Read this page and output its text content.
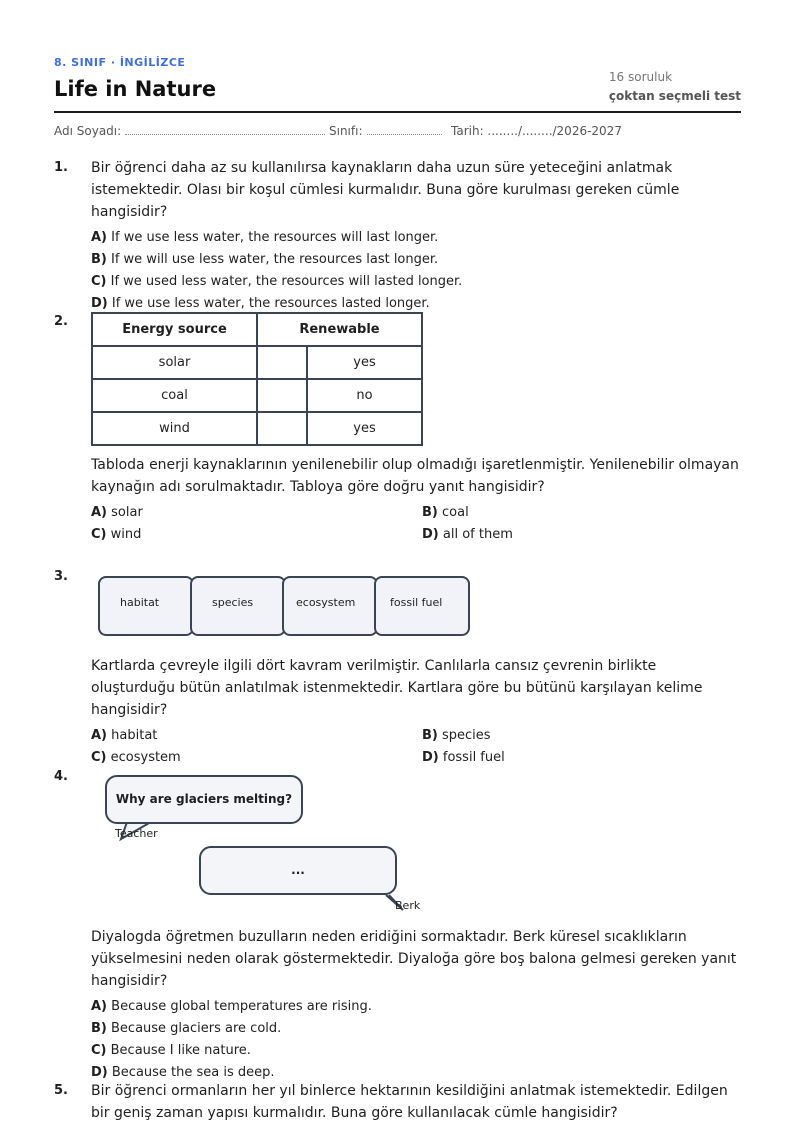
8. SINIF · İNGİLİZCE
Life in Nature	16 soruluk
çoktan seçmeli test
Adı Soyadı:	Sınıfı:	Tarih: ......../......../2026-2027
1. Bir öğrenci daha az su kullanılırsa kaynakların daha uzun süre yeteceğini anlatmak istemektedir. Olası bir koşul cümlesi kurmalıdır. Buna göre kurulması gereken cümle hangisidir?
A) If we use less water, the resources will last longer.
B) If we will use less water, the resources last longer.
C) If we used less water, the resources will lasted longer.
D) If we use less water, the resources lasted longer.
2.
Energy source	Renewable	
solar		yes
coal		no
wind		yes
Tabloda enerji kaynaklarının yenilenebilir olup olmadığı işaretlenmiştir. Yenilenebilir olmayan kaynağın adı sorulmaktadır. Tabloya göre doğru yanıt hangisidir?
A) solar	B) coal
C) wind	D) all of them
3.
habitat	species	ecosystem	fossil fuel
Kartlarda çevreyle ilgili dört kavram verilmiştir. Canlılarla cansız çevrenin birlikte oluşturduğu bütün anlatılmak istenmektedir. Kartlara göre bu bütünü karşılayan kelime hangisidir?
A) habitat	B) species
C) ecosystem	D) fossil fuel
4.
Why are glaciers melting?
Teacher
...
Berk
Diyalogda öğretmen buzulların neden eridiğini sormaktadır. Berk küresel sıcaklıkların yükselmesini neden olarak göstermektedir. Diyaloğa göre boş balona gelmesi gereken yanıt hangisidir?
A) Because global temperatures are rising.
B) Because glaciers are cold.
C) Because I like nature.
D) Because the sea is deep.
5. Bir öğrenci ormanların her yıl binlerce hektarının kesildiğini anlatmak istemektedir. Edilgen bir geniş zaman yapısı kurmalıdır. Buna göre kullanılacak cümle hangisidir?
